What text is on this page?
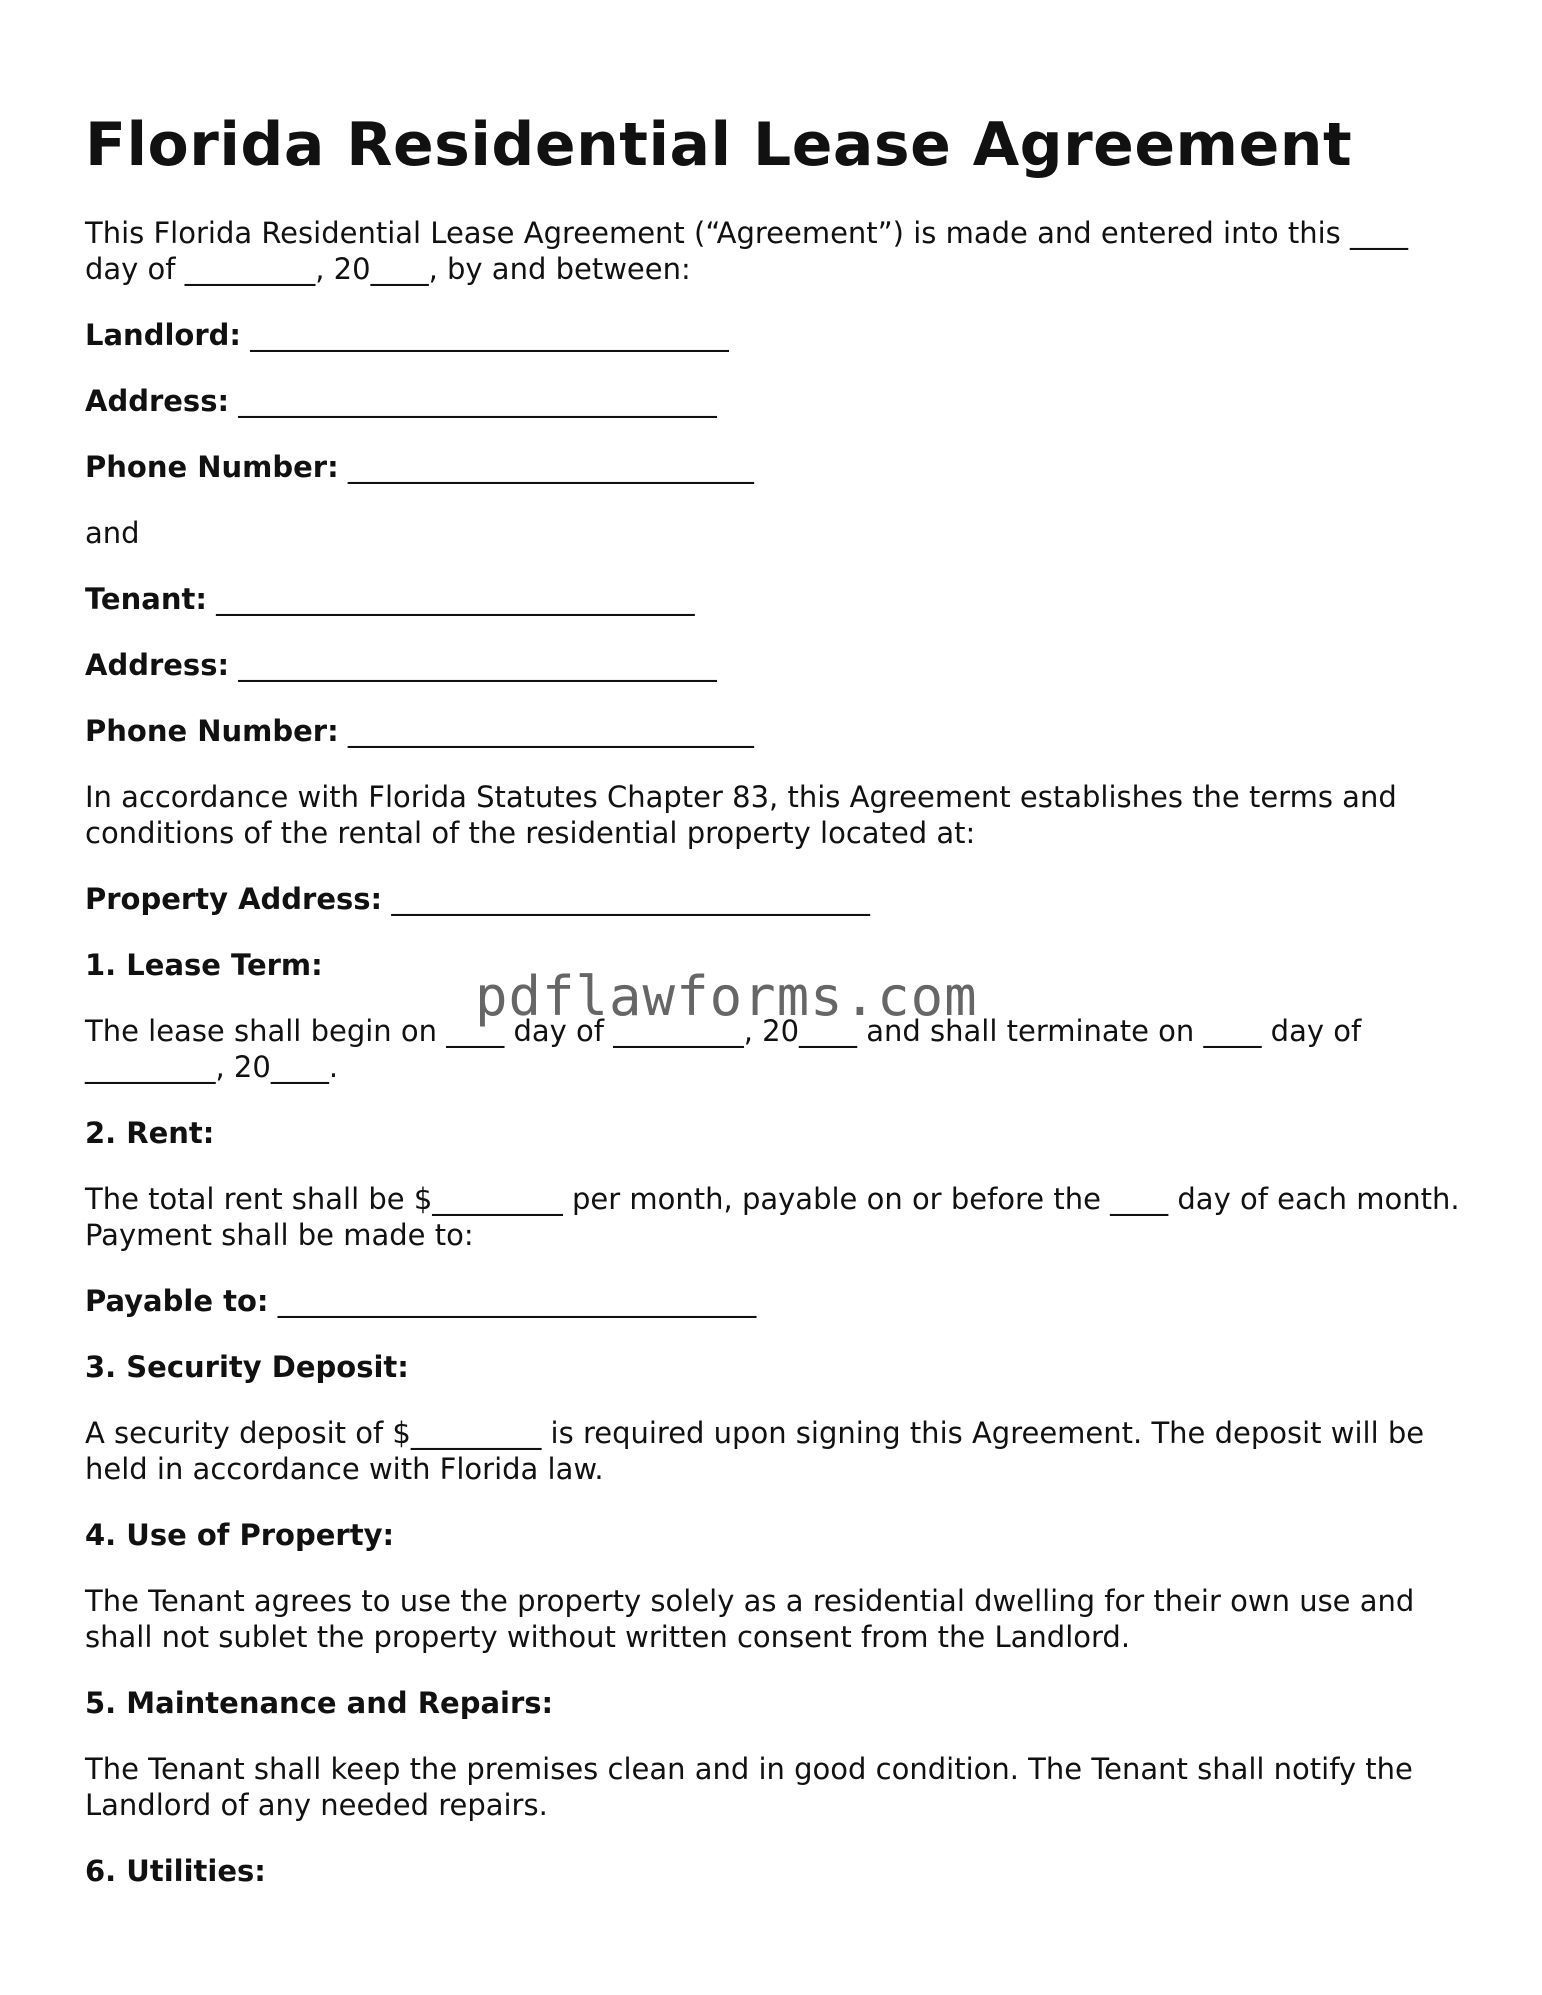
Florida Residential Lease Agreement

This Florida Residential Lease Agreement (“Agreement”) is made and entered into this ____ day of _________, 20____, by and between:

Landlord: _________________________________
Address: _________________________________
Phone Number: ____________________________

and

Tenant: _________________________________
Address: _________________________________
Phone Number: ____________________________

In accordance with Florida Statutes Chapter 83, this Agreement establishes the terms and conditions of the rental of the residential property located at:

Property Address: _________________________________
1. Lease Term:

The lease shall begin on ____ day of _________, 20____ and shall terminate on ____ day of _________, 20____.

2. Rent:

The total rent shall be $_________ per month, payable on or before the ____ day of each month. Payment shall be made to:

Payable to: _________________________________
3. Security Deposit:

A security deposit of $_________ is required upon signing this Agreement. The deposit will be held in accordance with Florida law.

4. Use of Property:

The Tenant agrees to use the property solely as a residential dwelling for their own use and shall not sublet the property without written consent from the Landlord.

5. Maintenance and Repairs:

The Tenant shall keep the premises clean and in good condition. The Tenant shall notify the Landlord of any needed repairs.

6. Utilities:
pdflawforms.com
